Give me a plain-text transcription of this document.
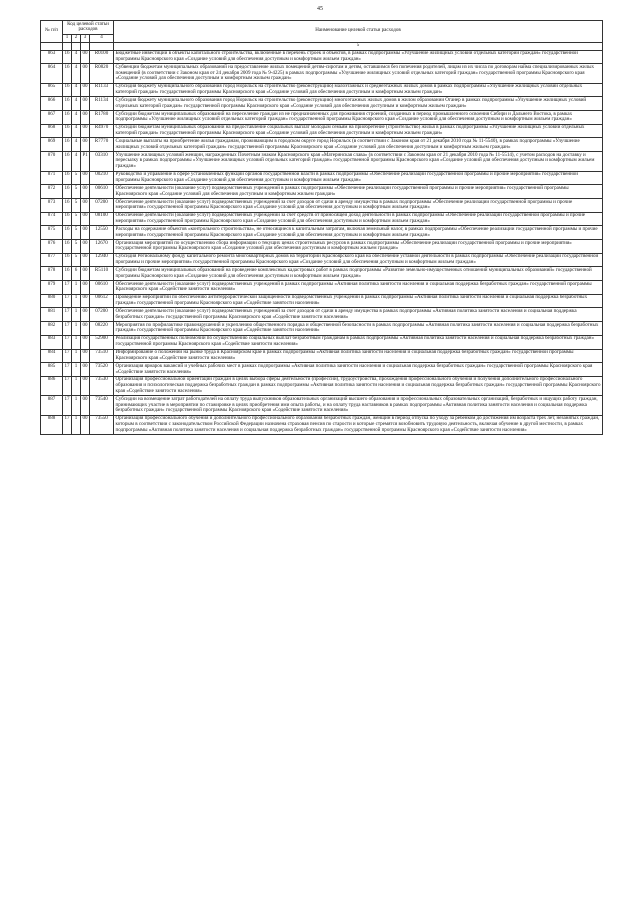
45
№ п/п	Код целевой статьи расходов				Наименование целевой статьи расходов
	1	2	3	4	
					5
863	16	4	00	R0100	Бюджетные инвестиции в объекты капитального строительства, включенные в перечень строек и объектов, в рамках подпрограммы «Улучшение жилищных условий отдельных категорий граждан» государственной программы Красноярского края «Создание условий для обеспечения доступным и комфортным жильем граждан»
864	16	4	00	R0820	Субвенции бюджетам муниципальных образований на предоставление жилых помещений детям-сиротам и детям, оставшимся без попечения родителей, лицам из их числа по договорам найма специализированных жилых помещений (в соответствии с Законом края от 24 декабря 2009 года № 9-4225) в рамках подпрограммы «Улучшение жилищных условий отдельных категорий граждан» государственной программы Красноярского края «Создание условий для обеспечения доступным и комфортным жильем граждан»
865	16	4	00	R1133	Субсидия бюджету муниципального образования город Норильск на строительство (реконструкцию) малоэтажных и среднеэтажных жилых домов в рамках подпрограммы «Улучшение жилищных условий отдельных категорий граждан» государственной программы Красноярского края «Создание условий для обеспечения доступным и комфортным жильем граждан»
866	16	4	00	R1134	Субсидия бюджету муниципального образования город Норильск на строительство (реконструкцию) многоэтажных жилых домов в жилом образовании Оганер в рамках подпрограммы «Улучшение жилищных условий отдельных категорий граждан» государственной программы Красноярского края «Создание условий для обеспечения доступным и комфортным жильем граждан»
867	16	4	00	R1780	Субсидии бюджетам муниципальных образований на переселение граждан из не предназначенных для проживания строений, созданных в период промышленного освоения Сибири и Дальнего Востока, в рамках подпрограммы «Улучшение жилищных условий отдельных категорий граждан» государственной программы Красноярского края «Создание условий для обеспечения доступным и комфортным жильем граждан»
868	16	4	00	R4970	Субсидии бюджетам муниципальных образований на предоставление социальных выплат молодым семьям на приобретение (строительство) жилья в рамках подпрограммы «Улучшение жилищных условий отдельных категорий граждан» государственной программы Красноярского края «Создание условий для обеспечения доступным и комфортным жильем граждан»
869	16	4	00	R7770	Социальные выплаты на приобретение жилья гражданам, проживающим в городском округе город Норильск (в соответствии с Законом края от 21 декабря 2010 года № 11-5540), в рамках подпрограммы «Улучшение жилищных условий отдельных категорий граждан» государственной программы Красноярского края «Создание условий для обеспечения доступным и комфортным жильем граждан»
870	16	4	P1	03310	Улучшение жилищных условий женщин, награжденных Почетным знаком Красноярского края «Материнская слава» (в соответствии с Законом края от 21 декабря 2010 года № 11-5514), с учетом расходов на доставку и пересылку в рамках подпрограммы «Улучшение жилищных условий отдельных категорий граждан» государственной программы Красноярского края «Создание условий для обеспечения доступным и комфортным жильем граждан»
871	16	5	00	00210	Руководство и управление в сфере установленных функций органов государственной власти в рамках подпрограммы «Обеспечение реализации государственной программы и прочие мероприятия» государственной программы Красноярского края «Создание условий для обеспечения доступным и комфортным жильем граждан»
872	16	5	00	00610	Обеспечение деятельности (оказание услуг) подведомственных учреждений в рамках подпрограммы «Обеспечение реализации государственной программы и прочие мероприятия» государственной программы Красноярского края «Создание условий для обеспечения доступным и комфортным жильем граждан»
873	16	5	00	07200	Обеспечение деятельности (оказание услуг) подведомственных учреждений за счет доходов от сдачи в аренду имущества в рамках подпрограммы «Обеспечение реализации государственной программы и прочие мероприятия» государственной программы Красноярского края «Создание условий для обеспечения доступным и комфортным жильем граждан»
874	16	5	00	08100	Обеспечение деятельности (оказание услуг) подведомственных учреждений за счет средств от приносящей доход деятельности в рамках подпрограммы «Обеспечение реализации государственной программы и прочие мероприятия» государственной программы Красноярского края «Создание условий для обеспечения доступным и комфортным жильем граждан»
875	16	5	00	12550	Расходы на содержание объектов «контрольного строительства», не относящиеся к капитальным затратам, включая земельный налог, в рамках подпрограммы «Обеспечение реализации государственной программы и прочие мероприятия» государственной программы Красноярского края «Создание условий для обеспечения доступным и комфортным жильем граждан»
876	16	5	00	12670	Организация мероприятий по осуществлению сбора информации о текущих ценах строительных ресурсов в рамках подпрограммы «Обеспечение реализации государственной программы и прочие мероприятия» государственной программы Красноярского края «Создание условий для обеспечения доступным и комфортным жильем граждан»
877	16	5	00	12940	Субсидия Региональному фонду капитального ремонта многоквартирных домов на территории Красноярского края на обеспечение уставной деятельности в рамках подпрограммы «Обеспечение реализации государственной программы и прочие мероприятия» государственной программы Красноярского края «Создание условий для обеспечения доступным и комфортным жильем граждан»
878	16	6	00	R5110	Субсидии бюджетам муниципальных образований на проведение комплексных кадастровых работ в рамках подпрограммы «Развитие земельно-имущественных отношений муниципальных образований» государственной программы Красноярского края «Создание условий для обеспечения доступным и комфортным жильем граждан»
879	17	1	00	00610	Обеспечение деятельности (оказание услуг) подведомственных учреждений в рамках подпрограммы «Активная политика занятости населения и социальная поддержка безработных граждан» государственной программы Красноярского края «Содействие занятости населения»
880	17	1	00	00612	Проведение мероприятий по обеспечению антитеррористической защищенности подведомственных учреждений в рамках подпрограммы «Активная политика занятости населения и социальная поддержка безработных граждан» государственной программы Красноярского края «Содействие занятости населения»
881	17	1	00	07200	Обеспечение деятельности (оказание услуг) подведомственных учреждений за счет доходов от сдачи в аренду имущества в рамках подпрограммы «Активная политика занятости населения и социальная поддержка безработных граждан» государственной программы Красноярского края «Содействие занятости населения»
882	17	1	00	08220	Мероприятия по профилактике правонарушений и укреплению общественного порядка и общественной безопасности в рамках подпрограммы «Активная политика занятости населения и социальная поддержка безработных граждан» государственной программы Красноярского края «Содействие занятости населения»
883	17	1	00	52900	Реализация государственных полномочий по осуществлению социальных выплат безработным гражданам в рамках подпрограммы «Активная политика занятости населения и социальная поддержка безработных граждан» государственной программы Красноярского края «Содействие занятости населения»
884	17	1	00	73510	Информирование о положении на рынке труда в Красноярском крае в рамках подпрограммы «Активная политика занятости населения и социальная поддержка безработных граждан» государственной программы Красноярского края «Содействие занятости населения»
885	17	1	00	73520	Организация ярмарок вакансий и учебных рабочих мест в рамках подпрограммы «Активная политика занятости населения и социальная поддержка безработных граждан» государственной программы Красноярского края «Содействие занятости населения»
886	17	1	00	73530	Организация профессиональной ориентации граждан в целях выбора сферы деятельности (профессии), трудоустройства, прохождения профессионального обучения и получения дополнительного профессионального образования и психологическая поддержка безработных граждан в рамках подпрограммы «Активная политика занятости населения и социальная поддержка безработных граждан» государственной программы Красноярского края «Содействие занятости населения»
887	17	1	00	73540	Субсидии на возмещение затрат работодателей на оплату труда выпускников образовательных организаций высшего образования и профессиональных образовательных организаций, безработных и ищущих работу граждан, принимающих участие в мероприятии по стажировке в целях приобретения ими опыта работы, и на оплату труда наставников в рамках подпрограммы «Активная политика занятости населения и социальная поддержка безработных граждан» государственной программы Красноярского края «Содействие занятости населения»
888	17	1	00	73550	Организация профессионального обучения и дополнительного профессионального образования безработных граждан, женщин в период отпуска по уходу за ребенком до достижения им возраста трех лет, незанятых граждан, которым в соответствии с законодательством Российской Федерации назначена страховая пенсия по старости и которые стремятся возобновить трудовую деятельность, включая обучение в другой местности, в рамках подпрограммы «Активная политика занятости населения и социальная поддержка безработных граждан» государственной программы Красноярского края «Содействие занятости населения»
